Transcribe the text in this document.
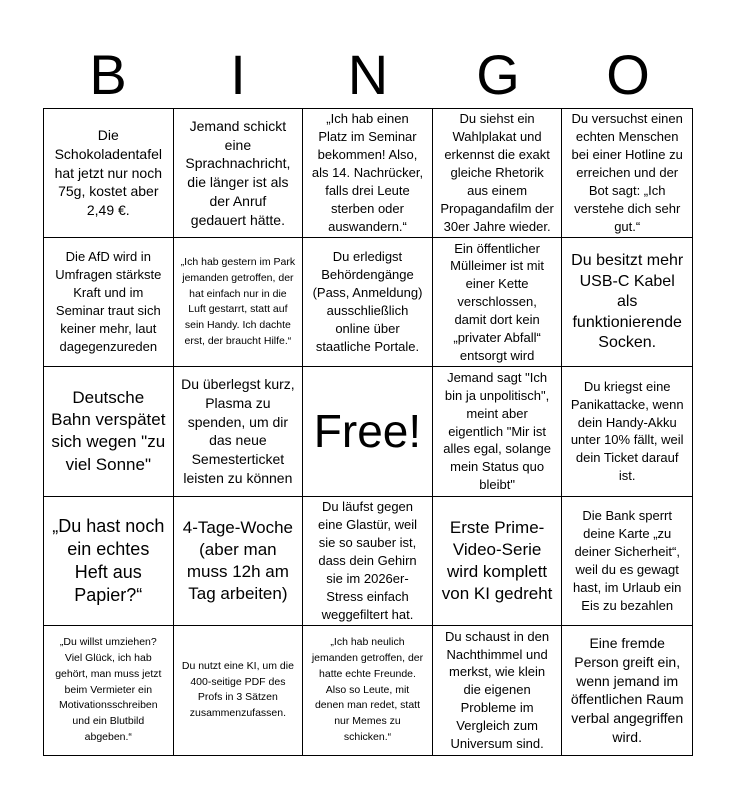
B	I	N	G	O
Die Schokoladentafel hat jetzt nur noch 75g, kostet aber 2,49 €.
Jemand schickt eine Sprachnachricht, die länger ist als der Anruf gedauert hätte.
„Ich hab einen Platz im Seminar bekommen! Also, als 14. Nachrücker, falls drei Leute sterben oder auswandern.“
Du siehst ein Wahlplakat und erkennst die exakt gleiche Rhetorik aus einem Propagandafilm der 30er Jahre wieder.
Du versuchst einen echten Menschen bei einer Hotline zu erreichen und der Bot sagt: „Ich verstehe dich sehr gut.“
Die AfD wird in Umfragen stärkste Kraft und im Seminar traut sich keiner mehr, laut dagegenzureden
„Ich hab gestern im Park jemanden getroffen, der hat einfach nur in die Luft gestarrt, statt auf sein Handy. Ich dachte erst, der braucht Hilfe.“
Du erledigst Behördengänge (Pass, Anmeldung) ausschließlich online über staatliche Portale.
Ein öffentlicher Mülleimer ist mit einer Kette verschlossen, damit dort kein „privater Abfall“ entsorgt wird
Du besitzt mehr USB-C Kabel als funktionierende Socken.
Deutsche Bahn verspätet sich wegen "zu viel Sonne"
Du überlegst kurz, Plasma zu spenden, um dir das neue Semesterticket leisten zu können
Free!
Jemand sagt "Ich bin ja unpolitisch", meint aber eigentlich "Mir ist alles egal, solange mein Status quo bleibt"
Du kriegst eine Panikattacke, wenn dein Handy-Akku unter 10% fällt, weil dein Ticket darauf ist.
„Du hast noch ein echtes Heft aus Papier?“
4-Tage-Woche (aber man muss 12h am Tag arbeiten)
Du läufst gegen eine Glastür, weil sie so sauber ist, dass dein Gehirn sie im 2026er-Stress einfach weggefiltert hat.
Erste Prime-Video-Serie wird komplett von KI gedreht
Die Bank sperrt deine Karte „zu deiner Sicherheit“, weil du es gewagt hast, im Urlaub ein Eis zu bezahlen
„Du willst umziehen? Viel Glück, ich hab gehört, man muss jetzt beim Vermieter ein Motivationsschreiben und ein Blutbild abgeben.“
Du nutzt eine KI, um die 400-seitige PDF des Profs in 3 Sätzen zusammenzufassen.
„Ich hab neulich jemanden getroffen, der hatte echte Freunde. Also so Leute, mit denen man redet, statt nur Memes zu schicken.“
Du schaust in den Nachthimmel und merkst, wie klein die eigenen Probleme im Vergleich zum Universum sind.
Eine fremde Person greift ein, wenn jemand im öffentlichen Raum verbal angegriffen wird.
